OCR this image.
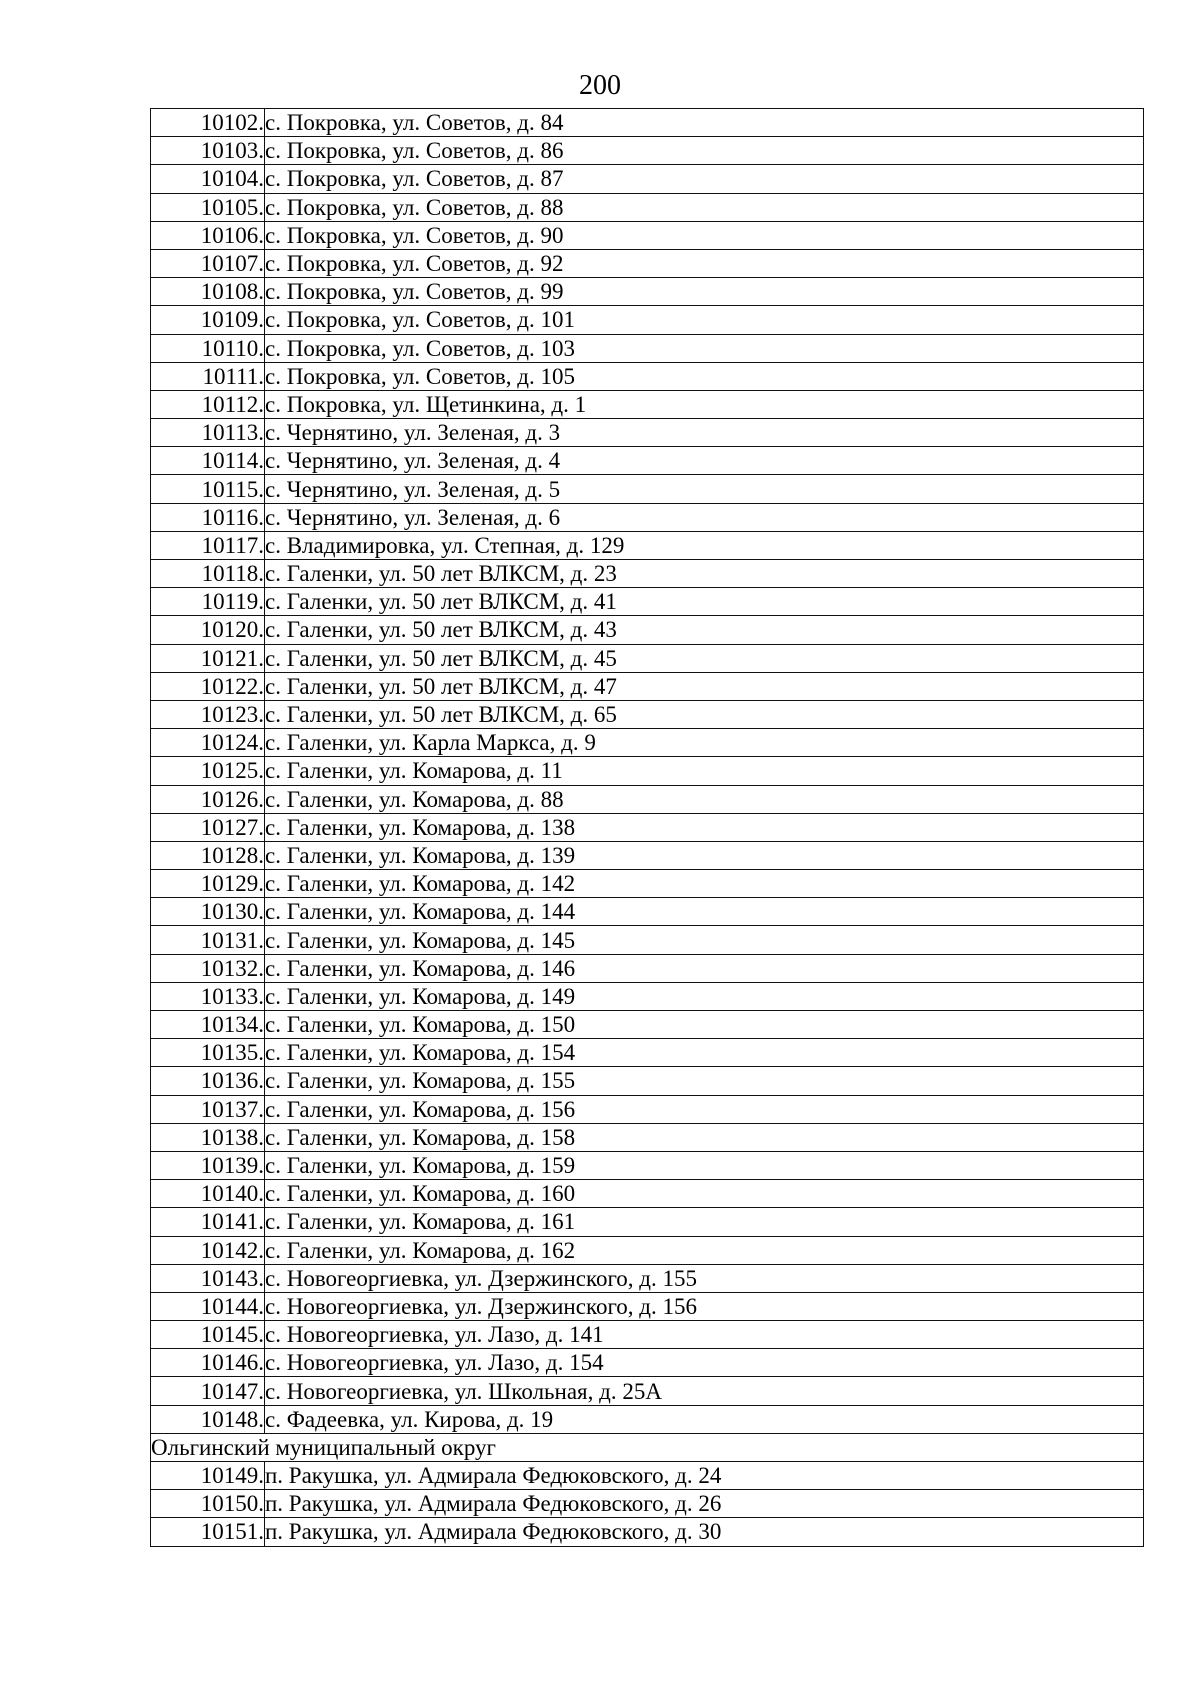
200
10102.	с. Покровка, ул. Советов, д. 84
10103.	с. Покровка, ул. Советов, д. 86
10104.	с. Покровка, ул. Советов, д. 87
10105.	с. Покровка, ул. Советов, д. 88
10106.	с. Покровка, ул. Советов, д. 90
10107.	с. Покровка, ул. Советов, д. 92
10108.	с. Покровка, ул. Советов, д. 99
10109.	с. Покровка, ул. Советов, д. 101
10110.	с. Покровка, ул. Советов, д. 103
10111.	с. Покровка, ул. Советов, д. 105
10112.	с. Покровка, ул. Щетинкина, д. 1
10113.	с. Чернятино, ул. Зеленая, д. 3
10114.	с. Чернятино, ул. Зеленая, д. 4
10115.	с. Чернятино, ул. Зеленая, д. 5
10116.	с. Чернятино, ул. Зеленая, д. 6
10117.	с. Владимировка, ул. Степная, д. 129
10118.	с. Галенки, ул. 50 лет ВЛКСМ, д. 23
10119.	с. Галенки, ул. 50 лет ВЛКСМ, д. 41
10120.	с. Галенки, ул. 50 лет ВЛКСМ, д. 43
10121.	с. Галенки, ул. 50 лет ВЛКСМ, д. 45
10122.	с. Галенки, ул. 50 лет ВЛКСМ, д. 47
10123.	с. Галенки, ул. 50 лет ВЛКСМ, д. 65
10124.	с. Галенки, ул. Карла Маркса, д. 9
10125.	с. Галенки, ул. Комарова, д. 11
10126.	с. Галенки, ул. Комарова, д. 88
10127.	с. Галенки, ул. Комарова, д. 138
10128.	с. Галенки, ул. Комарова, д. 139
10129.	с. Галенки, ул. Комарова, д. 142
10130.	с. Галенки, ул. Комарова, д. 144
10131.	с. Галенки, ул. Комарова, д. 145
10132.	с. Галенки, ул. Комарова, д. 146
10133.	с. Галенки, ул. Комарова, д. 149
10134.	с. Галенки, ул. Комарова, д. 150
10135.	с. Галенки, ул. Комарова, д. 154
10136.	с. Галенки, ул. Комарова, д. 155
10137.	с. Галенки, ул. Комарова, д. 156
10138.	с. Галенки, ул. Комарова, д. 158
10139.	с. Галенки, ул. Комарова, д. 159
10140.	с. Галенки, ул. Комарова, д. 160
10141.	с. Галенки, ул. Комарова, д. 161
10142.	с. Галенки, ул. Комарова, д. 162
10143.	с. Новогеоргиевка, ул. Дзержинского, д. 155
10144.	с. Новогеоргиевка, ул. Дзержинского, д. 156
10145.	с. Новогеоргиевка, ул. Лазо, д. 141
10146.	с. Новогеоргиевка, ул. Лазо, д. 154
10147.	с. Новогеоргиевка, ул. Школьная, д. 25А
10148.	с. Фадеевка, ул. Кирова, д. 19
Ольгинский муниципальный округ	
10149.	п. Ракушка, ул. Адмирала Федюковского, д. 24
10150.	п. Ракушка, ул. Адмирала Федюковского, д. 26
10151.	п. Ракушка, ул. Адмирала Федюковского, д. 30
